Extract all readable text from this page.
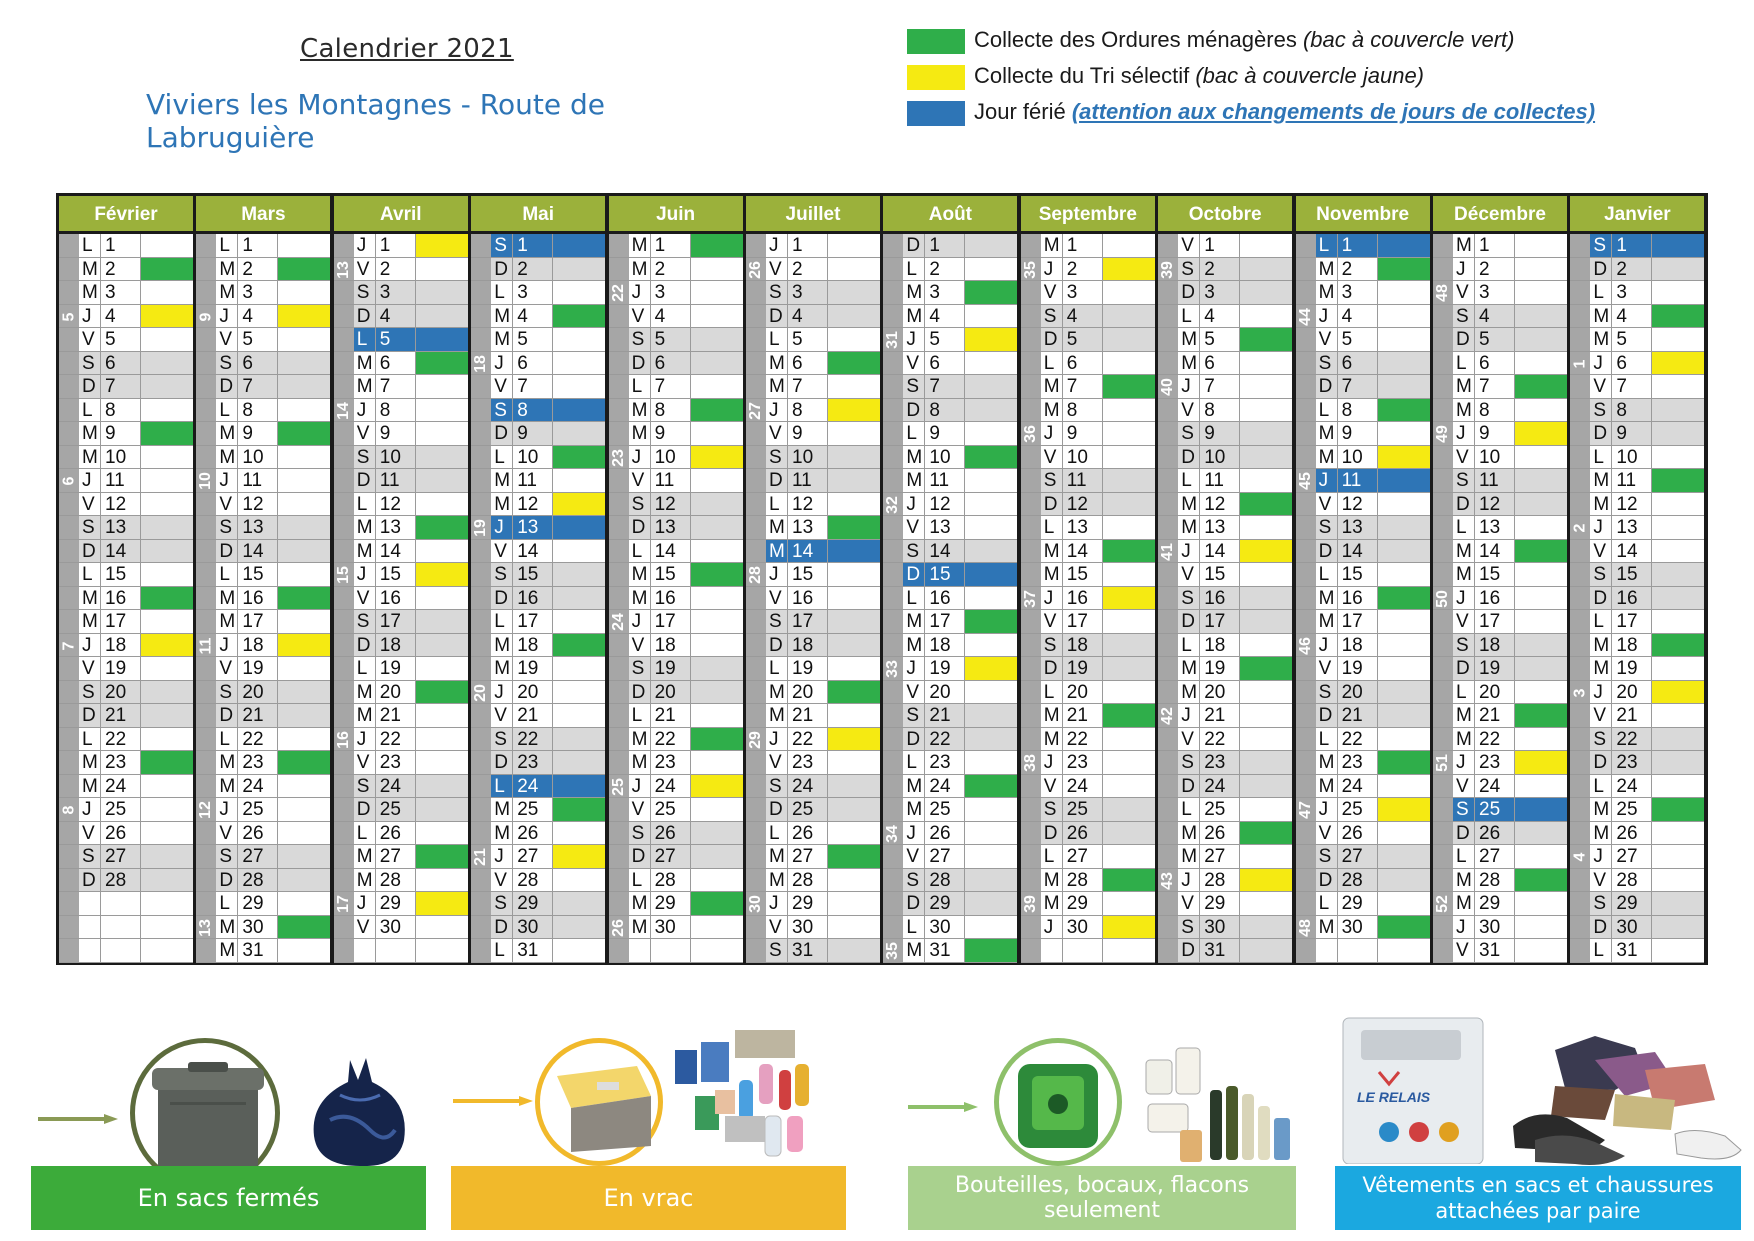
Calendrier 2021
Viviers les Montagnes - Route de Labruguière
Collecte des Ordures ménagères (bac à couvercle vert)
Collecte du Tri sélectif (bac à couvercle jaune)
Jour férié (attention aux changements de jours de collectes)
Février
L 1
M 2
M 3
J 4
V 5
S 6
D 7
L 8
M 9
M 10
J 11
V 12
S 13
D 14
L 15
M 16
M 17
J 18
V 19
S 20
D 21
L 22
M 23
M 24
J 25
V 26
S 27
D 28
5
6
7
8
Mars
L 1
M 2
M 3
J 4
V 5
S 6
D 7
L 8
M 9
M 10
J 11
V 12
S 13
D 14
L 15
M 16
M 17
J 18
V 19
S 20
D 21
L 22
M 23
M 24
J 25
V 26
S 27
D 28
L 29
M 30
M 31
9
10
11
12
13
Avril
J 1
V 2
S 3
D 4
L 5
M 6
M 7
J 8
V 9
S 10
D 11
L 12
M 13
M 14
J 15
V 16
S 17
D 18
L 19
M 20
M 21
J 22
V 23
S 24
D 25
L 26
M 27
M 28
J 29
V 30
13
14
15
16
17
Mai
S 1
D 2
L 3
M 4
M 5
J 6
V 7
S 8
D 9
L 10
M 11
M 12
J 13
V 14
S 15
D 16
L 17
M 18
M 19
J 20
V 21
S 22
D 23
L 24
M 25
M 26
J 27
V 28
S 29
D 30
L 31
18
19
20
21
Juin
M 1
M 2
J 3
V 4
S 5
D 6
L 7
M 8
M 9
J 10
V 11
S 12
D 13
L 14
M 15
M 16
J 17
V 18
S 19
D 20
L 21
M 22
M 23
J 24
V 25
S 26
D 27
L 28
M 29
M 30
22
23
24
25
26
Juillet
J 1
V 2
S 3
D 4
L 5
M 6
M 7
J 8
V 9
S 10
D 11
L 12
M 13
M 14
J 15
V 16
S 17
D 18
L 19
M 20
M 21
J 22
V 23
S 24
D 25
L 26
M 27
M 28
J 29
V 30
S 31
26
27
28
29
30
Août
D 1
L 2
M 3
M 4
J 5
V 6
S 7
D 8
L 9
M 10
M 11
J 12
V 13
S 14
D 15
L 16
M 17
M 18
J 19
V 20
S 21
D 22
L 23
M 24
M 25
J 26
V 27
S 28
D 29
L 30
M 31
31
32
33
34
35
Septembre
M 1
J 2
V 3
S 4
D 5
L 6
M 7
M 8
J 9
V 10
S 11
D 12
L 13
M 14
M 15
J 16
V 17
S 18
D 19
L 20
M 21
M 22
J 23
V 24
S 25
D 26
L 27
M 28
M 29
J 30
35
36
37
38
39
Octobre
V 1
S 2
D 3
L 4
M 5
M 6
J 7
V 8
S 9
D 10
L 11
M 12
M 13
J 14
V 15
S 16
D 17
L 18
M 19
M 20
J 21
V 22
S 23
D 24
L 25
M 26
M 27
J 28
V 29
S 30
D 31
39
40
41
42
43
Novembre
L 1
M 2
M 3
J 4
V 5
S 6
D 7
L 8
M 9
M 10
J 11
V 12
S 13
D 14
L 15
M 16
M 17
J 18
V 19
S 20
D 21
L 22
M 23
M 24
J 25
V 26
S 27
D 28
L 29
M 30
44
45
46
47
48
Décembre
M 1
J 2
V 3
S 4
D 5
L 6
M 7
M 8
J 9
V 10
S 11
D 12
L 13
M 14
M 15
J 16
V 17
S 18
D 19
L 20
M 21
M 22
J 23
V 24
S 25
D 26
L 27
M 28
M 29
J 30
V 31
48
49
50
51
52
Janvier
S 1
D 2
L 3
M 4
M 5
J 6
V 7
S 8
D 9
L 10
M 11
M 12
J 13
V 14
S 15
D 16
L 17
M 18
M 19
J 20
V 21
S 22
D 23
L 24
M 25
M 26
J 27
V 28
S 29
D 30
L 31
1
2
3
4
En sacs fermés	En vrac	Bouteilles, bocaux, flacons seulement
LE RELAIS
Vêtements en sacs et chaussures attachées par paire
